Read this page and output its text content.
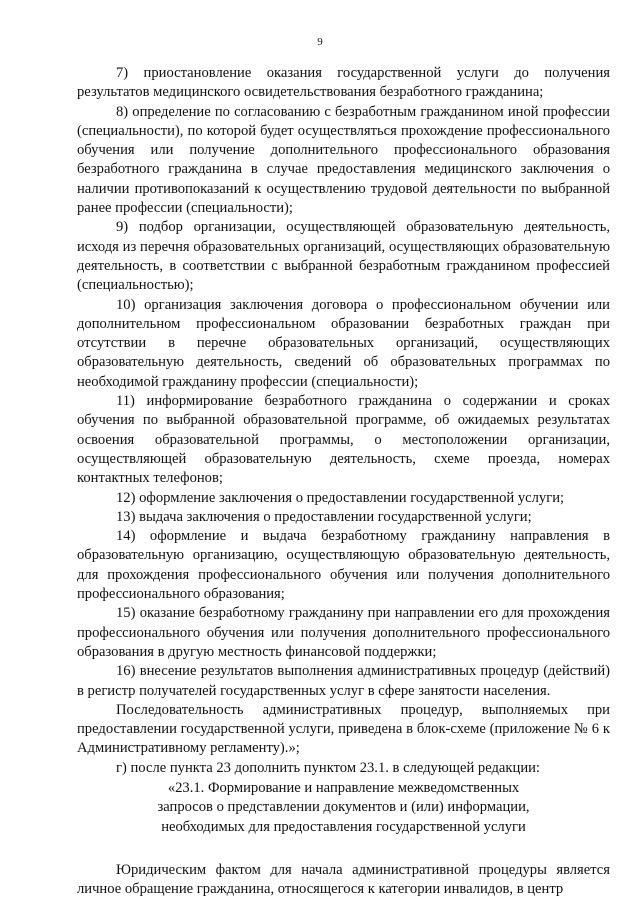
9

7) приостановление оказания государственной услуги до получения результатов медицинского освидетельствования безработного гражданина;

8) определение по согласованию с безработным гражданином иной профессии (специальности), по которой будет осуществляться прохождение профессионального обучения или получение дополнительного профессионального образования безработного гражданина в случае предоставления медицинского заключения о наличии противопоказаний к осуществлению трудовой деятельности по выбранной ранее профессии (специальности);

9) подбор организации, осуществляющей образовательную деятельность, исходя из перечня образовательных организаций, осуществляющих образовательную деятельность, в соответствии с выбранной безработным гражданином профессией (специальностью);

10) организация заключения договора о профессиональном обучении или дополнительном профессиональном образовании безработных граждан при отсутствии в перечне образовательных организаций, осуществляющих образовательную деятельность, сведений об образовательных программах по необходимой гражданину профессии (специальности);

11) информирование безработного гражданина о содержании и сроках обучения по выбранной образовательной программе, об ожидаемых результатах освоения образовательной программы, о местоположении организации, осуществляющей образовательную деятельность, схеме проезда, номерах контактных телефонов;

12) оформление заключения о предоставлении государственной услуги;

13) выдача заключения о предоставлении государственной услуги;

14) оформление и выдача безработному гражданину направления в образовательную организацию, осуществляющую образовательную деятельность, для прохождения профессионального обучения или получения дополнительного профессионального образования;

15) оказание безработному гражданину при направлении его для прохождения профессионального обучения или получения дополнительного профессионального образования в другую местность финансовой поддержки;

16) внесение результатов выполнения административных процедур (действий) в регистр получателей государственных услуг в сфере занятости населения.

Последовательность административных процедур, выполняемых при предоставлении государственной услуги, приведена в блок-схеме (приложение № 6 к Административному регламенту).»;

г) после пункта 23 дополнить пунктом 23.1. в следующей редакции:

«23.1. Формирование и направление межведомственных
запросов о представлении документов и (или) информации,
необходимых для предоставления государственной услуги

Юридическим фактом для начала административной процедуры является личное обращение гражданина, относящегося к категории инвалидов, в центр
